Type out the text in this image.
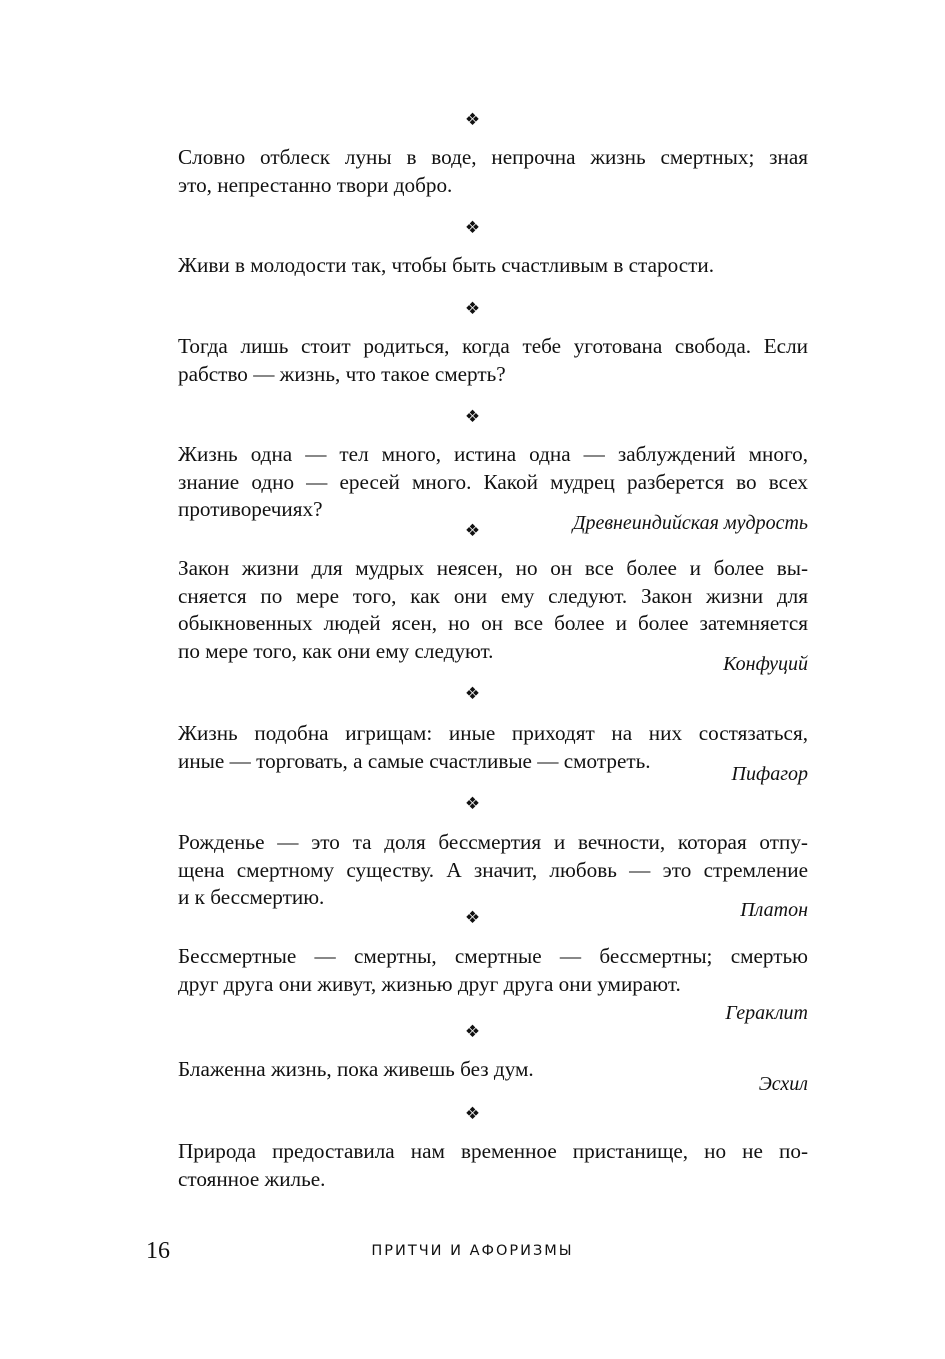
❖
❖
❖
❖
❖
❖
❖
❖
❖
❖
Словно отблеск луны в воде, непрочна жизнь смертных; зная
это, непрестанно твори добро.
Живи в молодости так, чтобы быть счастливым в старости.
Тогда лишь стоит родиться, когда тебе уготована свобода. Если
рабство — жизнь, что такое смерть?
Жизнь одна — тел много, истина одна — заблуждений много,
знание одно — ересей много. Какой мудрец разберется во всех
противоречиях?
Древнеиндийская мудрость
Закон жизни для мудрых неясен, но он все более и более вы-
сняется по мере того, как они ему следуют. Закон жизни для
обыкновенных людей ясен, но он все более и более затемняется
по мере того, как они ему следуют.
Конфуций
Жизнь подобна игрищам: иные приходят на них состязаться,
иные — торговать, а самые счастливые — смотреть.
Пифагор
Рожденье — это та доля бессмертия и вечности, которая отпу-
щена смертному существу. А значит, любовь — это стремление
и к бессмертию.
Платон
Бессмертные — смертны, смертные — бессмертны; смертью
друг друга они живут, жизнью друг друга они умирают.
Гераклит
Блаженна жизнь, пока живешь без дум.
Эсхил
Природа предоставила нам временное пристанище, но не по-
стоянное жилье.
16	ПРИТЧИ И АФОРИЗМЫ
